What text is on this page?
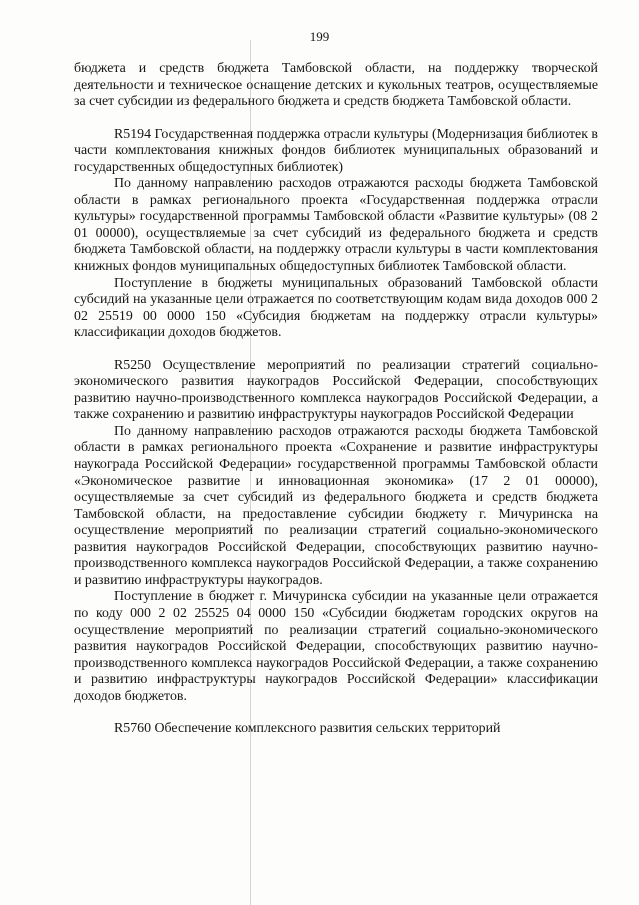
199

бюджета и средств бюджета Тамбовской области, на поддержку творческой деятельности и техническое оснащение детских и кукольных театров, осуществляемые за счет субсидии из федерального бюджета и средств бюджета Тамбовской области.

R5194 Государственная поддержка отрасли культуры (Модернизация библиотек в части комплектования книжных фондов библиотек муниципальных образований и государственных общедоступных библиотек)

По данному направлению расходов отражаются расходы бюджета Тамбовской области в рамках регионального проекта «Государственная поддержка отрасли культуры» государственной программы Тамбовской области «Развитие культуры» (08 2 01 00000), осуществляемые за счет субсидий из федерального бюджета и средств бюджета Тамбовской области, на поддержку отрасли культуры в части комплектования книжных фондов муниципальных общедоступных библиотек Тамбовской области.

Поступление в бюджеты муниципальных образований Тамбовской области субсидий на указанные цели отражается по соответствующим кодам вида доходов 000 2 02 25519 00 0000 150 «Субсидия бюджетам на поддержку отрасли культуры» классификации доходов бюджетов.

R5250 Осуществление мероприятий по реализации стратегий социально-экономического развития наукоградов Российской Федерации, способствующих развитию научно-производственного комплекса наукоградов Российской Федерации, а также сохранению и развитию инфраструктуры наукоградов Российской Федерации

По данному направлению расходов отражаются расходы бюджета Тамбовской области в рамках регионального проекта «Сохранение и развитие инфраструктуры наукограда Российской Федерации» государственной программы Тамбовской области «Экономическое развитие и инновационная экономика» (17 2 01 00000), осуществляемые за счет субсидий из федерального бюджета и средств бюджета Тамбовской области, на предоставление субсидии бюджету г. Мичуринска на осуществление мероприятий по реализации стратегий социально-экономического развития наукоградов Российской Федерации, способствующих развитию научно-производственного комплекса наукоградов Российской Федерации, а также сохранению и развитию инфраструктуры наукоградов.

Поступление в бюджет г. Мичуринска субсидии на указанные цели отражается по коду 000 2 02 25525 04 0000 150 «Субсидии бюджетам городских округов на осуществление мероприятий по реализации стратегий социально-экономического развития наукоградов Российской Федерации, способствующих развитию научно-производственного комплекса наукоградов Российской Федерации, а также сохранению и развитию инфраструктуры наукоградов Российской Федерации» классификации доходов бюджетов.

R5760 Обеспечение комплексного развития сельских территорий
